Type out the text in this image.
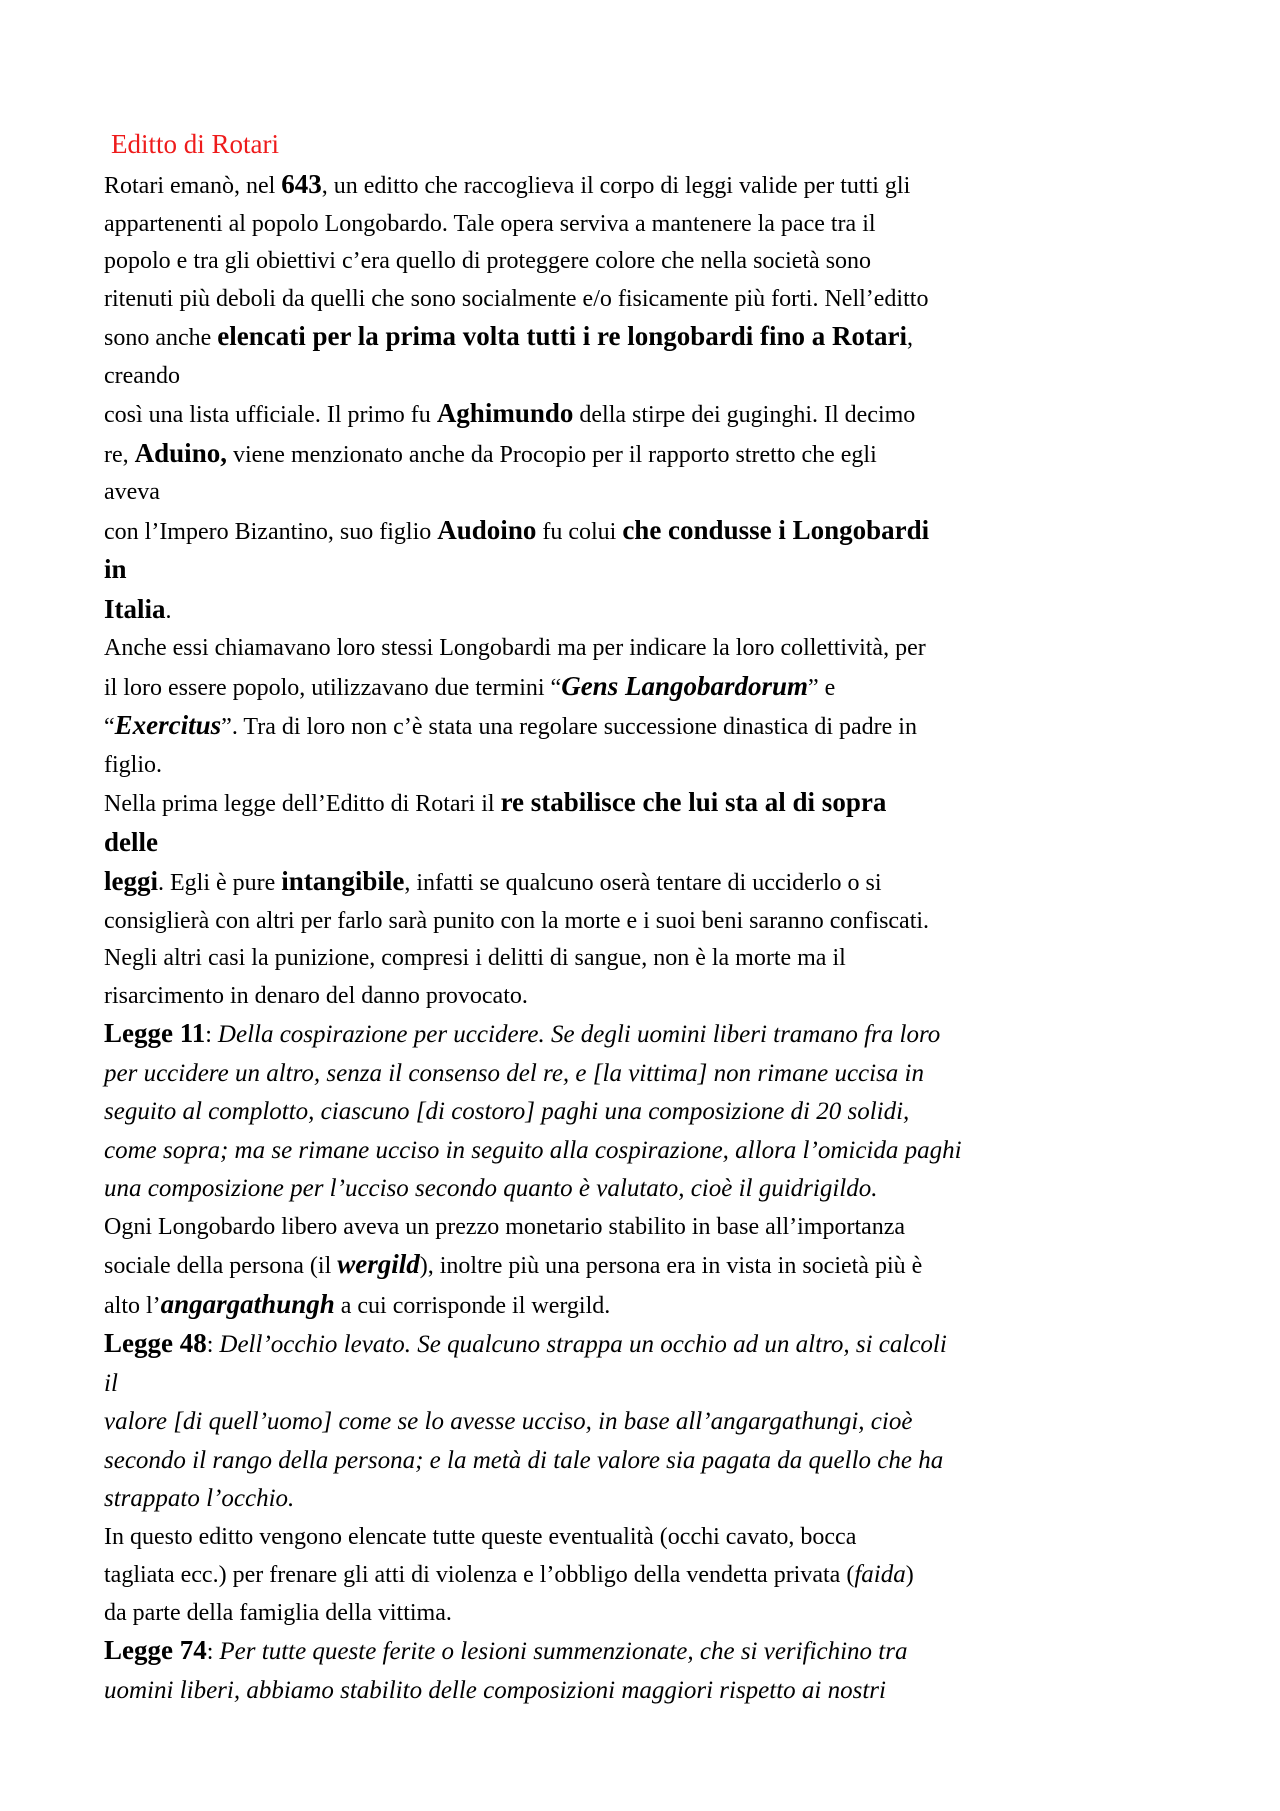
Editto di Rotari
Rotari emanò, nel 643, un editto che raccoglieva il corpo di leggi valide per tutti gli
appartenenti al popolo Longobardo. Tale opera serviva a mantenere la pace tra il
popolo e tra gli obiettivi c’era quello di proteggere colore che nella società sono
ritenuti più deboli da quelli che sono socialmente e/o fisicamente più forti. Nell’editto
sono anche elencati per la prima volta tutti i re longobardi fino a Rotari,
creando
così una lista ufficiale. Il primo fu Aghimundo della stirpe dei guginghi. Il decimo
re, Aduino, viene menzionato anche da Procopio per il rapporto stretto che egli
aveva
con l’Impero Bizantino, suo figlio Audoino fu colui che condusse i Longobardi
in
Italia.
Anche essi chiamavano loro stessi Longobardi ma per indicare la loro collettività, per
il loro essere popolo, utilizzavano due termini “Gens Langobardorum” e
“Exercitus”. Tra di loro non c’è stata una regolare successione dinastica di padre in
figlio.
Nella prima legge dell’Editto di Rotari il re stabilisce che lui sta al di sopra
delle
leggi. Egli è pure intangibile, infatti se qualcuno oserà tentare di ucciderlo o si
consiglierà con altri per farlo sarà punito con la morte e i suoi beni saranno confiscati.
Negli altri casi la punizione, compresi i delitti di sangue, non è la morte ma il
risarcimento in denaro del danno provocato.
Legge 11: Della cospirazione per uccidere. Se degli uomini liberi tramano fra loro
per uccidere un altro, senza il consenso del re, e [la vittima] non rimane uccisa in
seguito al complotto, ciascuno [di costoro] paghi una composizione di 20 solidi,
come sopra; ma se rimane ucciso in seguito alla cospirazione, allora l’omicida paghi
una composizione per l’ucciso secondo quanto è valutato, cioè il guidrigildo.
Ogni Longobardo libero aveva un prezzo monetario stabilito in base all’importanza
sociale della persona (il wergild), inoltre più una persona era in vista in società più è
alto l’angargathungh a cui corrisponde il wergild.
Legge 48: Dell’occhio levato. Se qualcuno strappa un occhio ad un altro, si calcoli
il
valore [di quell’uomo] come se lo avesse ucciso, in base all’angargathungi, cioè
secondo il rango della persona; e la metà di tale valore sia pagata da quello che ha
strappato l’occhio.
In questo editto vengono elencate tutte queste eventualità (occhi cavato, bocca
tagliata ecc.) per frenare gli atti di violenza e l’obbligo della vendetta privata (faida)
da parte della famiglia della vittima.
Legge 74: Per tutte queste ferite o lesioni summenzionate, che si verifichino tra
uomini liberi, abbiamo stabilito delle composizioni maggiori rispetto ai nostri
